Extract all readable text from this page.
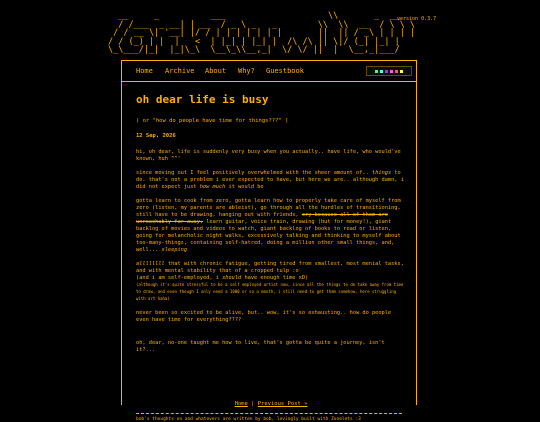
__     _          ___                    \\       _  __
/ /___  _ __| | __  / _ \ _   _        \\  \\  __  / \ \ \
/ / __ \| '__| |/ / | | | | | | |       ||  || / _\ | | | |
/ / (_) | |  |   <  | |_| | |_| |  /\ /\ || \|/ (_| |_| |
\_\___/|_|  |_|\_\  \__\_\\__,_|  \/ \/ ||  |  \__,_|___/
version 0.3.7
Home Archive About Why? Guestbook
oh dear life is busy
( or "how do people have time for things???" )
12 Sep, 2026
hi, oh dear, life is suddenly very busy when you actually.. have life, who would've known, huh ^^'
since moving out I feel positively overwhelmed with the sheer amount of.. things to do. that's not a problem i ever expected to have, but here we are.. although damn, i did not expect just how much it would be
gotta learn to cook from zero, gotta learn how to properly take care of myself from zero (listen, my parents are ableist), go through all the hurdles of transitioning, still have to be drawing, hanging out with friends, cry because all of them are unreachably far away, learn guitar, voice train, drawing (but for money!), giant backlog of movies and videos to watch, giant backlog of books to read or listen, going for melancholic night walks, excessively talking and thinking to myself about too-many-things, containing self-hatred, doing a million other small things, and, well... sleeping
allllllll that with chronic fatigue, getting tired from smallest, most menial tasks, and with mental stability that of a cropped tulp :o
(and i am self-employed, i should have enough time xD)
(although it's quite stressful to be a self employed artist now, since all the things to do take away from time to draw, and even though I only need a 1000 or so a month, i still need to get them somehow, here struggling with art haha)
never been so excited to be alive, but.. wow, it's so exhausting.. how do people even have time for everything????
oh, dear, no-one taught me how to live, that's gotta be quite a journey, isn't it?...
Home | Previous Post »
bob's thoughts on and whatevers are written by bob, lovingly built with Zonelets :3
